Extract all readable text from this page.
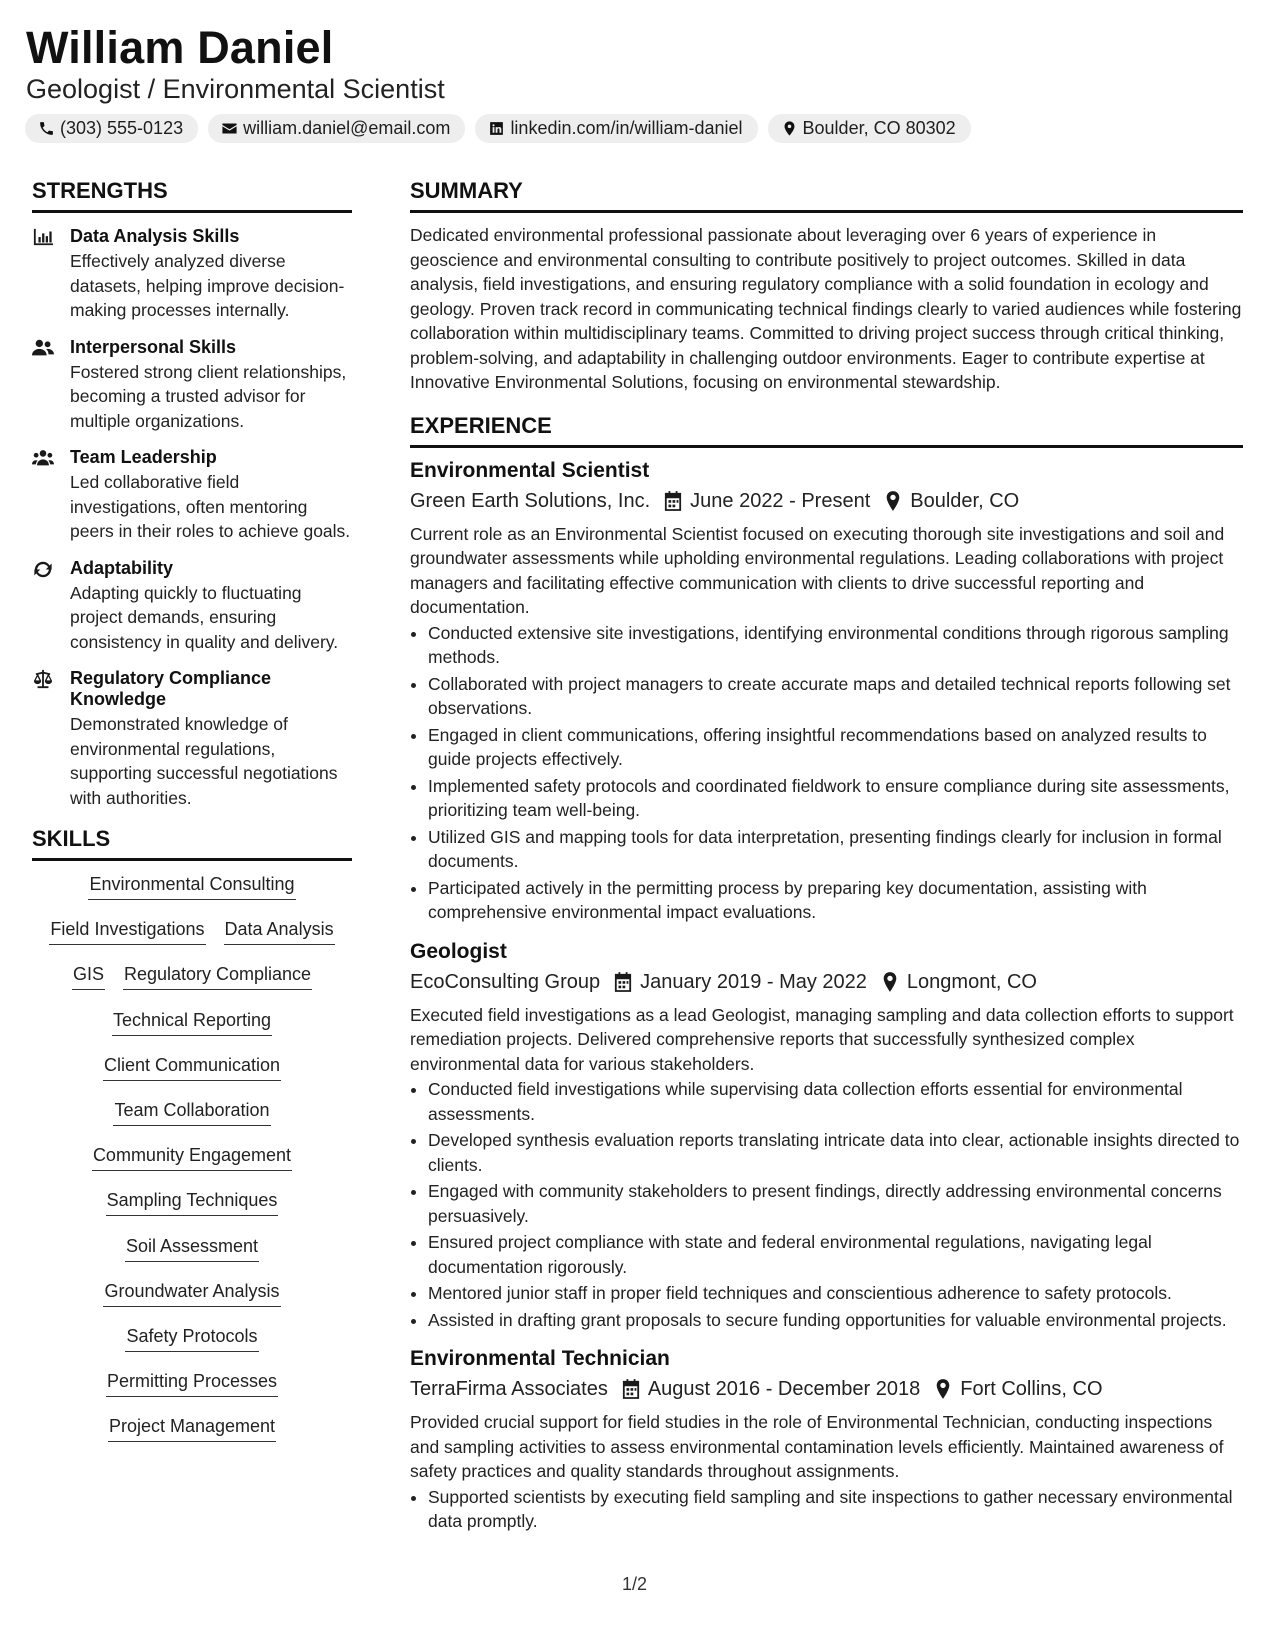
William Daniel
Geologist / Environmental Scientist
(303) 555-0123	william.daniel@email.com	linkedin.com/in/william-daniel	Boulder, CO 80302
STRENGTHS
Data Analysis Skills
Effectively analyzed diverse datasets, helping improve decision-making processes internally.
Interpersonal Skills
Fostered strong client relationships, becoming a trusted advisor for multiple organizations.
Team Leadership
Led collaborative field investigations, often mentoring peers in their roles to achieve goals.
Adaptability
Adapting quickly to fluctuating project demands, ensuring consistency in quality and delivery.
Regulatory Compliance Knowledge
Demonstrated knowledge of environmental regulations, supporting successful negotiations with authorities.
SKILLS
Environmental Consulting
Field Investigations Data Analysis
GIS Regulatory Compliance
Technical Reporting
Client Communication
Team Collaboration
Community Engagement
Sampling Techniques
Soil Assessment
Groundwater Analysis
Safety Protocols
Permitting Processes
Project Management
SUMMARY
Dedicated environmental professional passionate about leveraging over 6 years of experience in geoscience and environmental consulting to contribute positively to project outcomes. Skilled in data analysis, field investigations, and ensuring regulatory compliance with a solid foundation in ecology and geology. Proven track record in communicating technical findings clearly to varied audiences while fostering collaboration within multidisciplinary teams. Committed to driving project success through critical thinking, problem-solving, and adaptability in challenging outdoor environments. Eager to contribute expertise at Innovative Environmental Solutions, focusing on environmental stewardship.
EXPERIENCE
Environmental Scientist
Green Earth Solutions, Inc. June 2022 - Present Boulder, CO
Current role as an Environmental Scientist focused on executing thorough site investigations and soil and groundwater assessments while upholding environmental regulations. Leading collaborations with project managers and facilitating effective communication with clients to drive successful reporting and documentation.
• Conducted extensive site investigations, identifying environmental conditions through rigorous sampling methods.
• Collaborated with project managers to create accurate maps and detailed technical reports following set observations.
• Engaged in client communications, offering insightful recommendations based on analyzed results to guide projects effectively.
• Implemented safety protocols and coordinated fieldwork to ensure compliance during site assessments, prioritizing team well-being.
• Utilized GIS and mapping tools for data interpretation, presenting findings clearly for inclusion in formal documents.
• Participated actively in the permitting process by preparing key documentation, assisting with comprehensive environmental impact evaluations.
Geologist
EcoConsulting Group January 2019 - May 2022 Longmont, CO
Executed field investigations as a lead Geologist, managing sampling and data collection efforts to support remediation projects. Delivered comprehensive reports that successfully synthesized complex environmental data for various stakeholders.
• Conducted field investigations while supervising data collection efforts essential for environmental assessments.
• Developed synthesis evaluation reports translating intricate data into clear, actionable insights directed to clients.
• Engaged with community stakeholders to present findings, directly addressing environmental concerns persuasively.
• Ensured project compliance with state and federal environmental regulations, navigating legal documentation rigorously.
• Mentored junior staff in proper field techniques and conscientious adherence to safety protocols.
• Assisted in drafting grant proposals to secure funding opportunities for valuable environmental projects.
Environmental Technician
TerraFirma Associates August 2016 - December 2018 Fort Collins, CO
Provided crucial support for field studies in the role of Environmental Technician, conducting inspections and sampling activities to assess environmental contamination levels efficiently. Maintained awareness of safety practices and quality standards throughout assignments.
• Supported scientists by executing field sampling and site inspections to gather necessary environmental data promptly.
1/2
